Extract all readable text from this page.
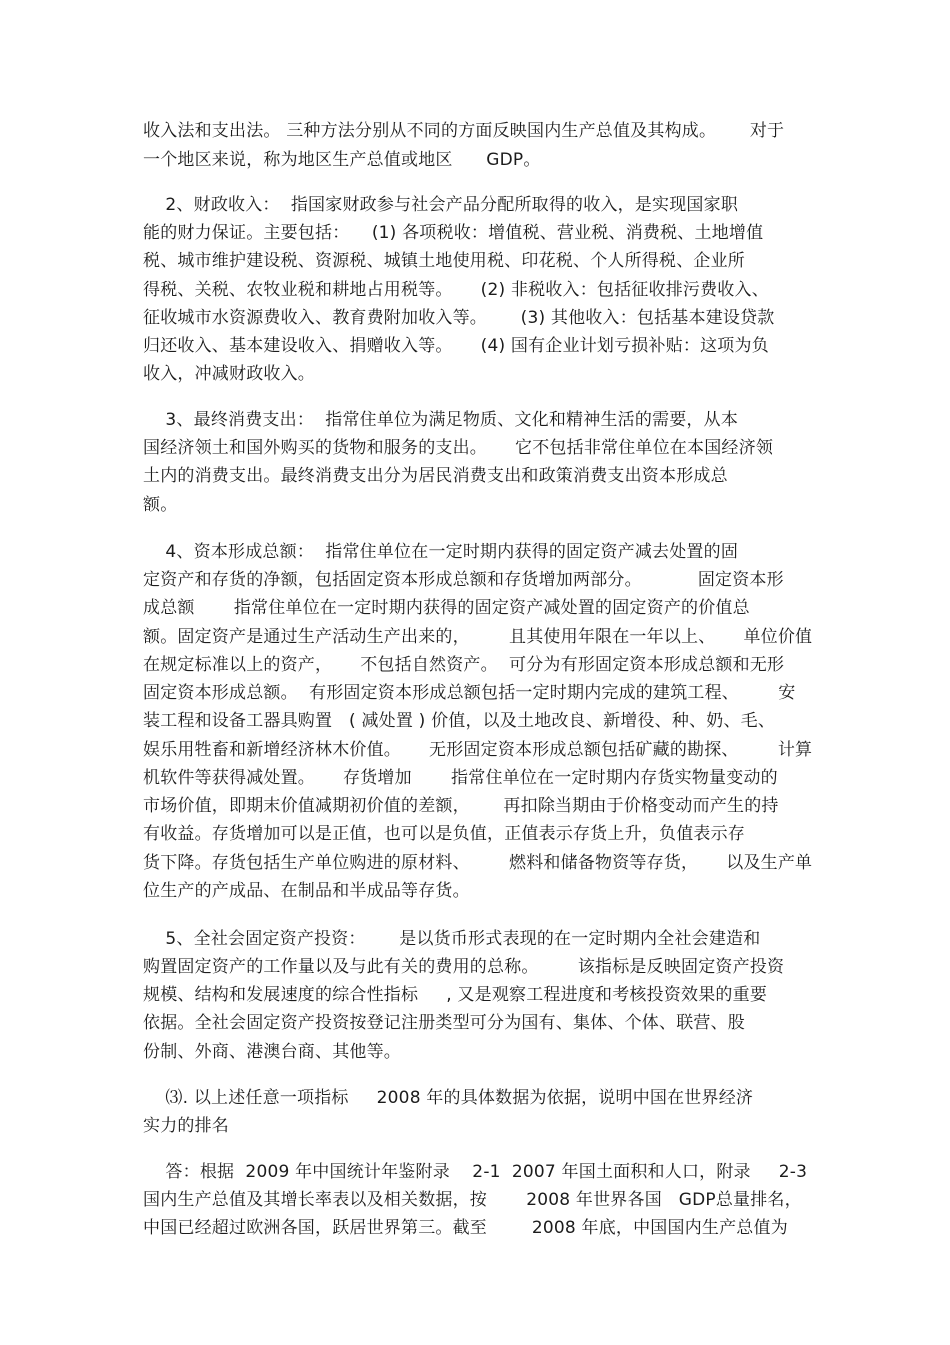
收入法和支出法。 三种方法分别从不同的方面反映国内生产总值及其构成。      对于

一个地区来说，称为地区生产总值或地区      GDP。

2、财政收入：  指国家财政参与社会产品分配所取得的收入，是实现国家职

能的财力保证。主要包括：    (1) 各项税收：增值税、营业税、消费税、土地增值

税、城市维护建设税、资源税、城镇土地使用税、印花税、个人所得税、企业所

得税、关税、农牧业税和耕地占用税等。     (2) 非税收入：包括征收排污费收入、

征收城市水资源费收入、教育费附加收入等。      (3) 其他收入：包括基本建设贷款

归还收入、基本建设收入、捐赠收入等。     (4) 国有企业计划亏损补贴：这项为负

收入，冲减财政收入。

3、最终消费支出：  指常住单位为满足物质、文化和精神生活的需要，从本

国经济领土和国外购买的货物和服务的支出。     它不包括非常住单位在本国经济领

土内的消费支出。最终消费支出分为居民消费支出和政策消费支出资本形成总

额。

4、资本形成总额：  指常住单位在一定时期内获得的固定资产减去处置的固

定资产和存货的净额，包括固定资本形成总额和存货增加两部分。          固定资本形

成总额       指常住单位在一定时期内获得的固定资产减处置的固定资产的价值总

额。固定资产是通过生产活动生产出来的，       且其使用年限在一年以上、     单位价值

在规定标准以上的资产，     不包括自然资产。  可分为有形固定资本形成总额和无形

固定资本形成总额。  有形固定资本形成总额包括一定时期内完成的建筑工程、       安

装工程和设备工器具购置   ( 减处置 ) 价值，以及土地改良、新增役、种、奶、毛、

娱乐用牲畜和新增经济林木价值。     无形固定资本形成总额包括矿藏的勘探、       计算

机软件等获得减处置。     存货增加       指常住单位在一定时期内存货实物量变动的

市场价值，即期末价值减期初价值的差额，      再扣除当期由于价格变动而产生的持

有收益。存货增加可以是正值，也可以是负值，正值表示存货上升，负值表示存

货下降。存货包括生产单位购进的原材料、       燃料和储备物资等存货，     以及生产单

位生产的产成品、在制品和半成品等存货。

5、全社会固定资产投资：      是以货币形式表现的在一定时期内全社会建造和

购置固定资产的工作量以及与此有关的费用的总称。       该指标是反映固定资产投资

规模、结构和发展速度的综合性指标     , 又是观察工程进度和考核投资效果的重要

依据。全社会固定资产投资按登记注册类型可分为国有、集体、个体、联营、股

份制、外商、港澳台商、其他等。

⑶. 以上述任意一项指标     2008 年的具体数据为依据，说明中国在世界经济

实力的排名

答：根据  2009 年中国统计年鉴附录    2-1  2007 年国土面积和人口，附录     2-3

国内生产总值及其增长率表以及相关数据，按       2008 年世界各国   GDP总量排名，

中国已经超过欧洲各国，跃居世界第三。截至        2008 年底，中国国内生产总值为
